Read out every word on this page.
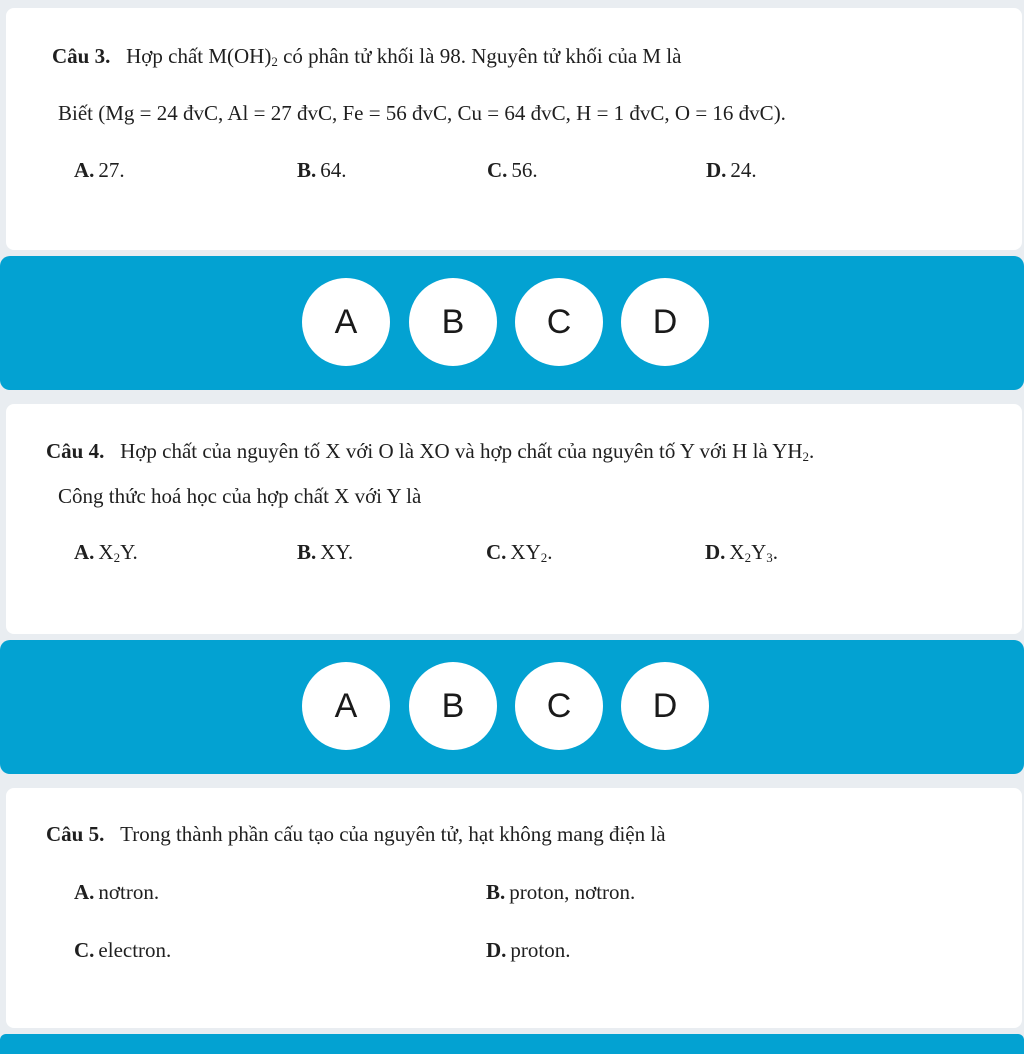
Câu 3. Hợp chất $M(OH)_2$ có phân tử khối là 98. Nguyên tử khối của M là
Biết (Mg = 24 đvC, Al = 27 đvC, Fe = 56 đvC, Cu = 64 đvC, H = 1 đvC, O = 16 đvC).
A. 27.	B. 64.	C. 56.	D. 24.
A	B	C	D
Câu 4. Hợp chất của nguyên tố X với O là XO và hợp chất của nguyên tố Y với H là $YH_2$.
Công thức hoá học của hợp chất X với Y là
A. $X_2Y$.	B. XY.	C. $XY_2$.	D. $X_2Y_3$.
A	B	C	D
Câu 5. Trong thành phần cấu tạo của nguyên tử, hạt không mang điện là
A. nơtron.	B. proton, nơtron.
C. electron.	D. proton.
